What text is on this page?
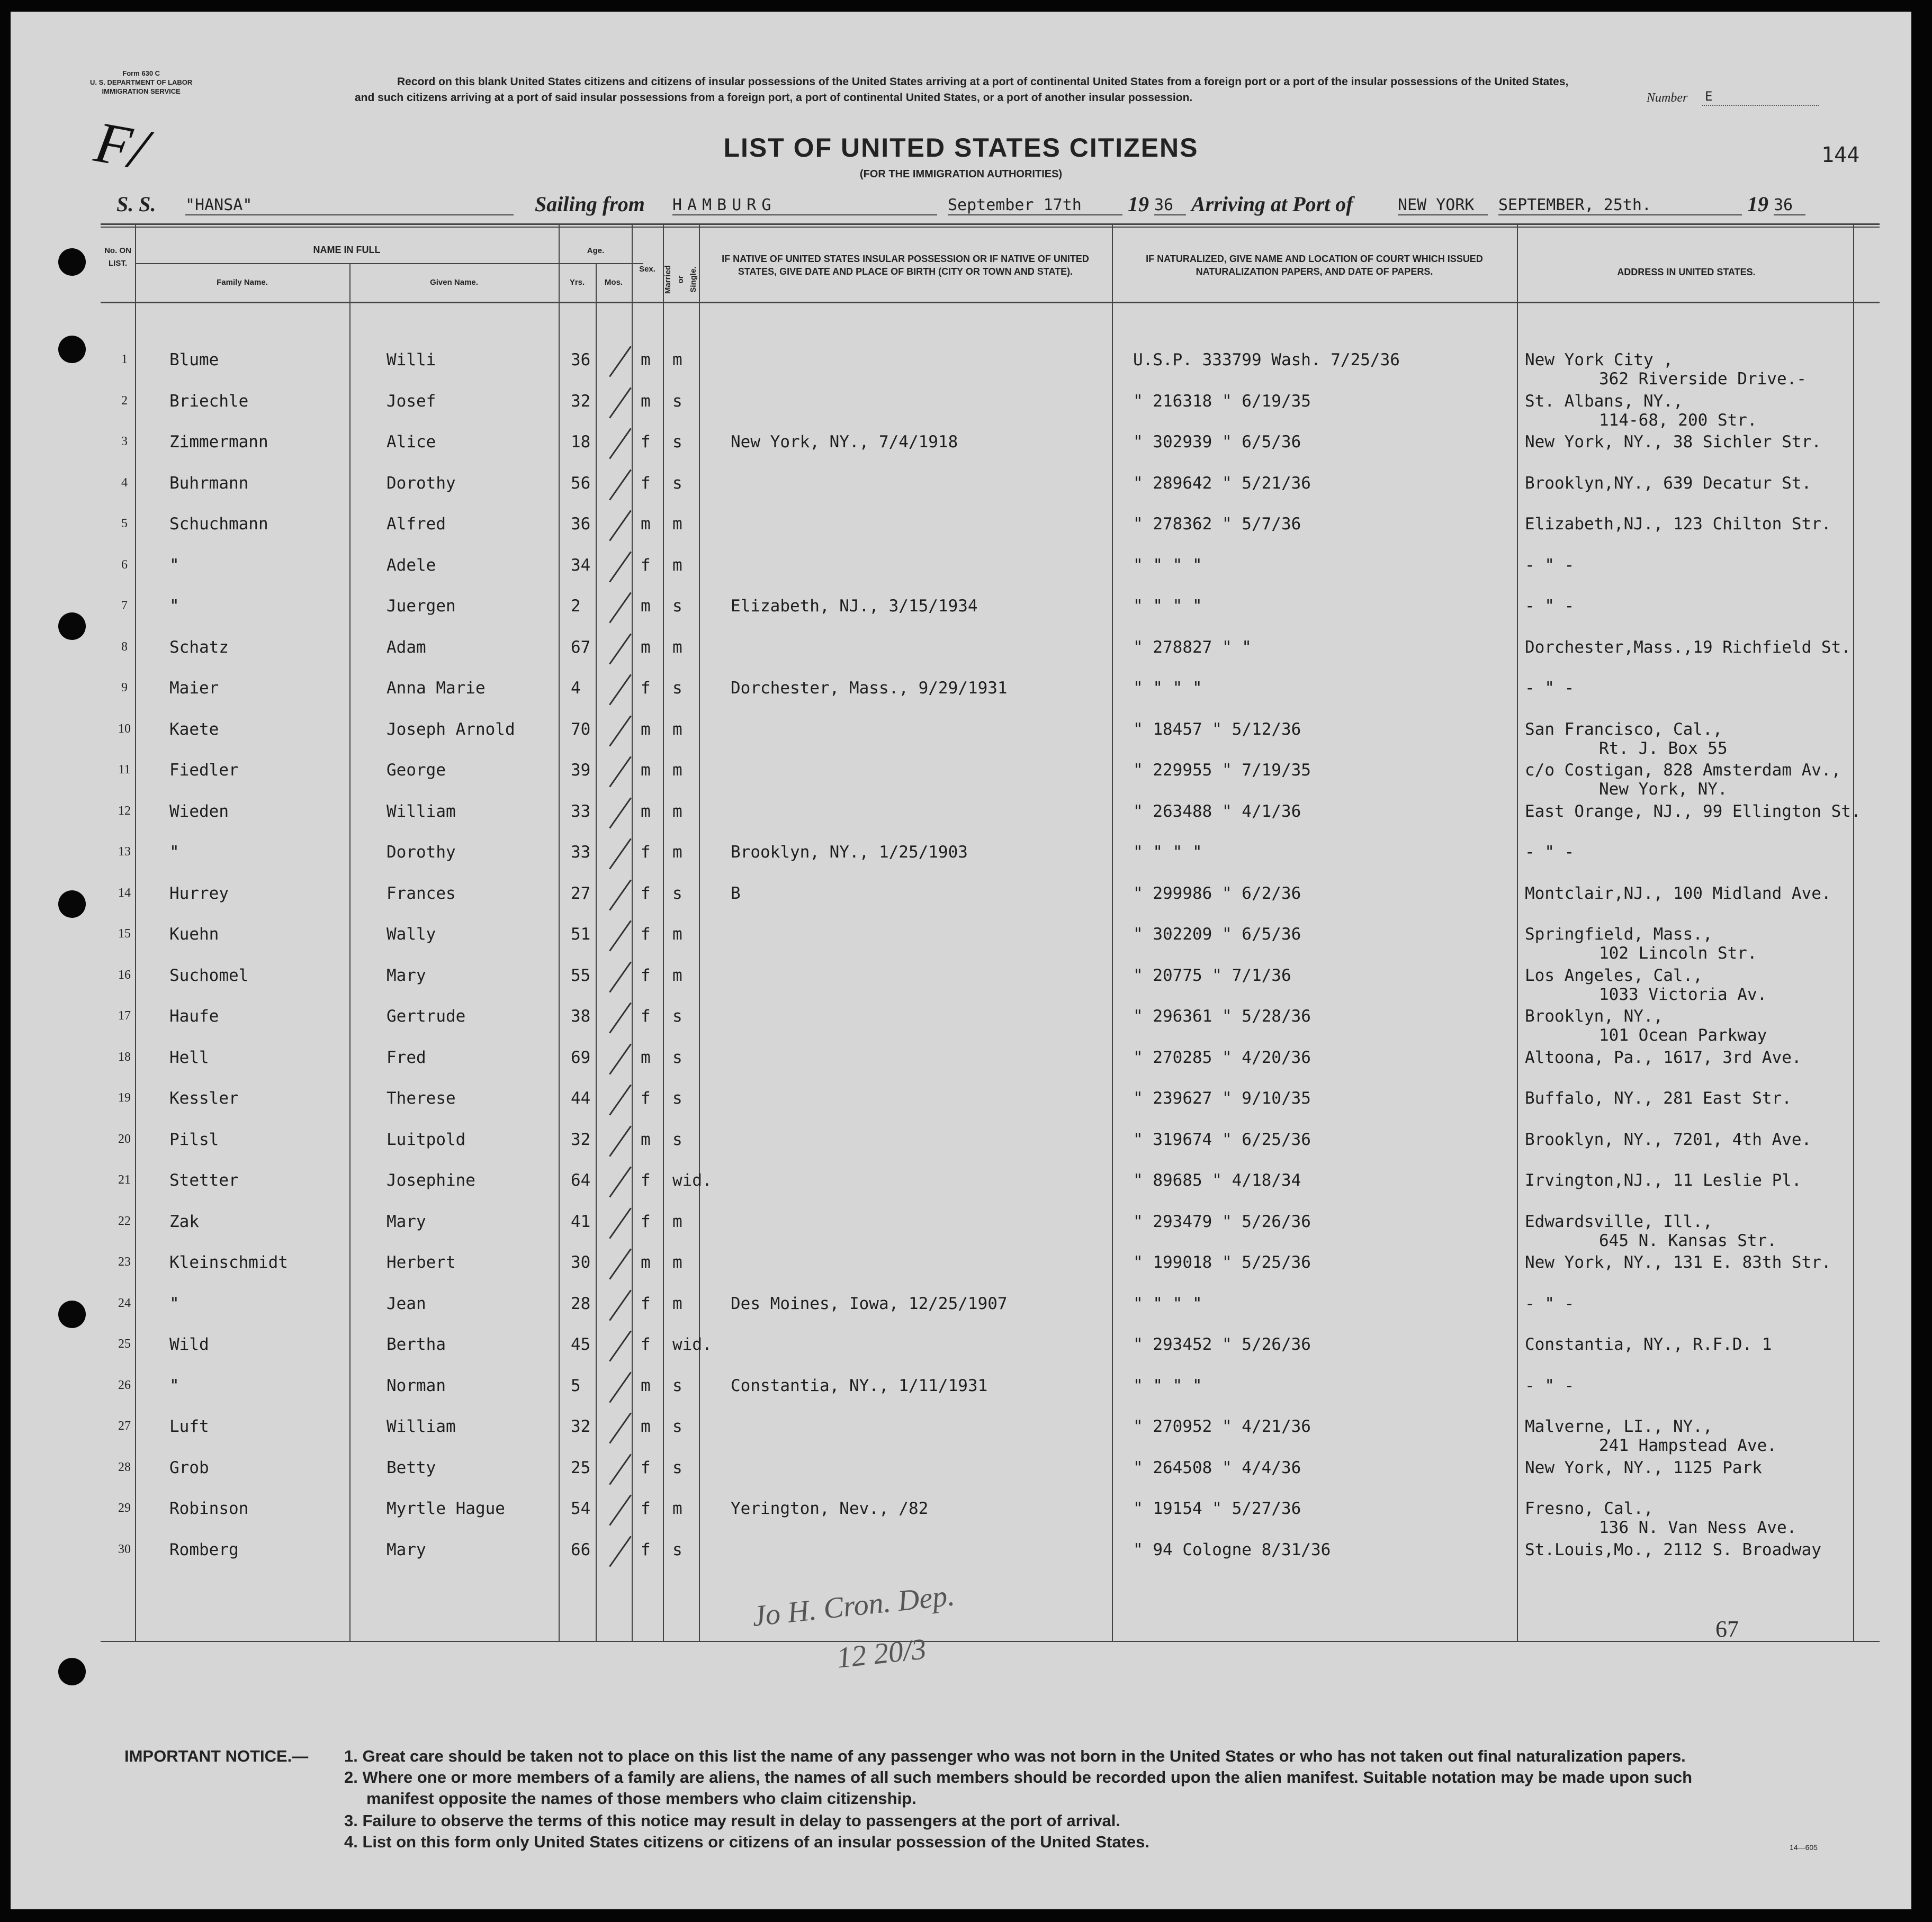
Form 630 C
U. S. DEPARTMENT OF LABOR
IMMIGRATION SERVICE
F/
Record on this blank United States citizens and citizens of insular possessions of the United States arriving at a port of continental United States from a foreign port or a port of the insular possessions of the United States, and such citizens arriving at a port of said insular possessions from a foreign port, a port of continental United States, or a port of another insular possession.	Number E
144
LIST OF UNITED STATES CITIZENS
(FOR THE IMMIGRATION AUTHORITIES)
S. S. "HANSA"	Sailing from HAMBURG	September 17th	19 36 Arriving at Port of	NEW YORK	SEPTEMBER, 25th.	19 36
No. ON LIST.
NAME IN FULL
Family Name.	Given Name.
Age.
Yrs.	Mos.
Sex.	Married or Single.
IF NATIVE OF UNITED STATES INSULAR POSSESSION OR IF NATIVE OF UNITED STATES, GIVE DATE AND PLACE OF BIRTH (CITY OR TOWN AND STATE).
IF NATURALIZED, GIVE NAME AND LOCATION OF COURT WHICH ISSUED NATURALIZATION PAPERS, AND DATE OF PAPERS.	ADDRESS IN UNITED STATES.
1	Blume	Willi	36	m m	U.S.P. 333799 Wash. 7/25/36	New York City ,
362 Riverside Drive.-
2	Briechle	Josef	32	m s	" 216318 " 6/19/35	St. Albans, NY.,
114-68, 200 Str.
3	Zimmermann	Alice	18	f s	New York, NY., 7/4/1918	" 302939 " 6/5/36	New York, NY., 38 Sichler Str.
4	Buhrmann	Dorothy	56	f s	" 289642 " 5/21/36	Brooklyn,NY., 639 Decatur St.
5	Schuchmann	Alfred	36	m m	" 278362 " 5/7/36	Elizabeth,NJ., 123 Chilton Str.
6	"	Adele	34	f m	" " " "	- " -
7	"	Juergen	2	m s	Elizabeth, NJ., 3/15/1934	" " " "	- " -
8	Schatz	Adam	67	m m	" 278827 " "	Dorchester,Mass.,19 Richfield St.
9	Maier	Anna Marie	4	f s	Dorchester, Mass., 9/29/1931	" " " "	- " -
10	Kaete	Joseph Arnold	70	m m	" 18457 " 5/12/36	San Francisco, Cal.,
Rt. J. Box 55
11	Fiedler	George	39	m m	" 229955 " 7/19/35	c/o Costigan, 828 Amsterdam Av.,
New York, NY.
12	Wieden	William	33	m m	" 263488 " 4/1/36	East Orange, NJ., 99 Ellington St.
13	"	Dorothy	33	f m	Brooklyn, NY., 1/25/1903	" " " "	- " -
14	Hurrey	Frances	27	f s	B	" 299986 " 6/2/36	Montclair,NJ., 100 Midland Ave.
15	Kuehn	Wally	51	f m	" 302209 " 6/5/36	Springfield, Mass.,
102 Lincoln Str.
16	Suchomel	Mary	55	f m	" 20775 " 7/1/36	Los Angeles, Cal.,
1033 Victoria Av.
17	Haufe	Gertrude	38	f s	" 296361 " 5/28/36	Brooklyn, NY.,
101 Ocean Parkway
18	Hell	Fred	69	m s	" 270285 " 4/20/36	Altoona, Pa., 1617, 3rd Ave.
19	Kessler	Therese	44	f s	" 239627 " 9/10/35	Buffalo, NY., 281 East Str.
20	Pilsl	Luitpold	32	m s	" 319674 " 6/25/36	Brooklyn, NY., 7201, 4th Ave.
21	Stetter	Josephine	64	f wid.	" 89685 " 4/18/34	Irvington,NJ., 11 Leslie Pl.
22	Zak	Mary	41	f m	" 293479 " 5/26/36	Edwardsville, Ill.,
645 N. Kansas Str.
23	Kleinschmidt	Herbert	30	m m	" 199018 " 5/25/36	New York, NY., 131 E. 83th Str.
24	"	Jean	28	f m	Des Moines, Iowa, 12/25/1907	" " " "	- " -
25	Wild	Bertha	45	f wid.	" 293452 " 5/26/36	Constantia, NY., R.F.D. 1
26	"	Norman	5	m s	Constantia, NY., 1/11/1931	" " " "	- " -
27	Luft	William	32	m s	" 270952 " 4/21/36	Malverne, LI., NY.,
241 Hampstead Ave.
28	Grob	Betty	25	f s	" 264508 " 4/4/36	New York, NY., 1125 Park
29	Robinson	Myrtle Hague	54	f m	Yerington, Nev., /82	" 19154 " 5/27/36	Fresno, Cal.,
136 N. Van Ness Ave.
30	Romberg	Mary	66	f s	" 94 Cologne 8/31/36	St.Louis,Mo., 2112 S. Broadway
Jo H. Cron. Dep.
12 20/3
67
IMPORTANT NOTICE.— 1. Great care should be taken not to place on this list the name of any passenger who was not born in the United States or who has not taken out final naturalization papers.
2. Where one or more members of a family are aliens, the names of all such members should be recorded upon the alien manifest. Suitable notation may be made upon such
manifest opposite the names of those members who claim citizenship.
3. Failure to observe the terms of this notice may result in delay to passengers at the port of arrival.
4. List on this form only United States citizens or citizens of an insular possession of the United States.	14—605
